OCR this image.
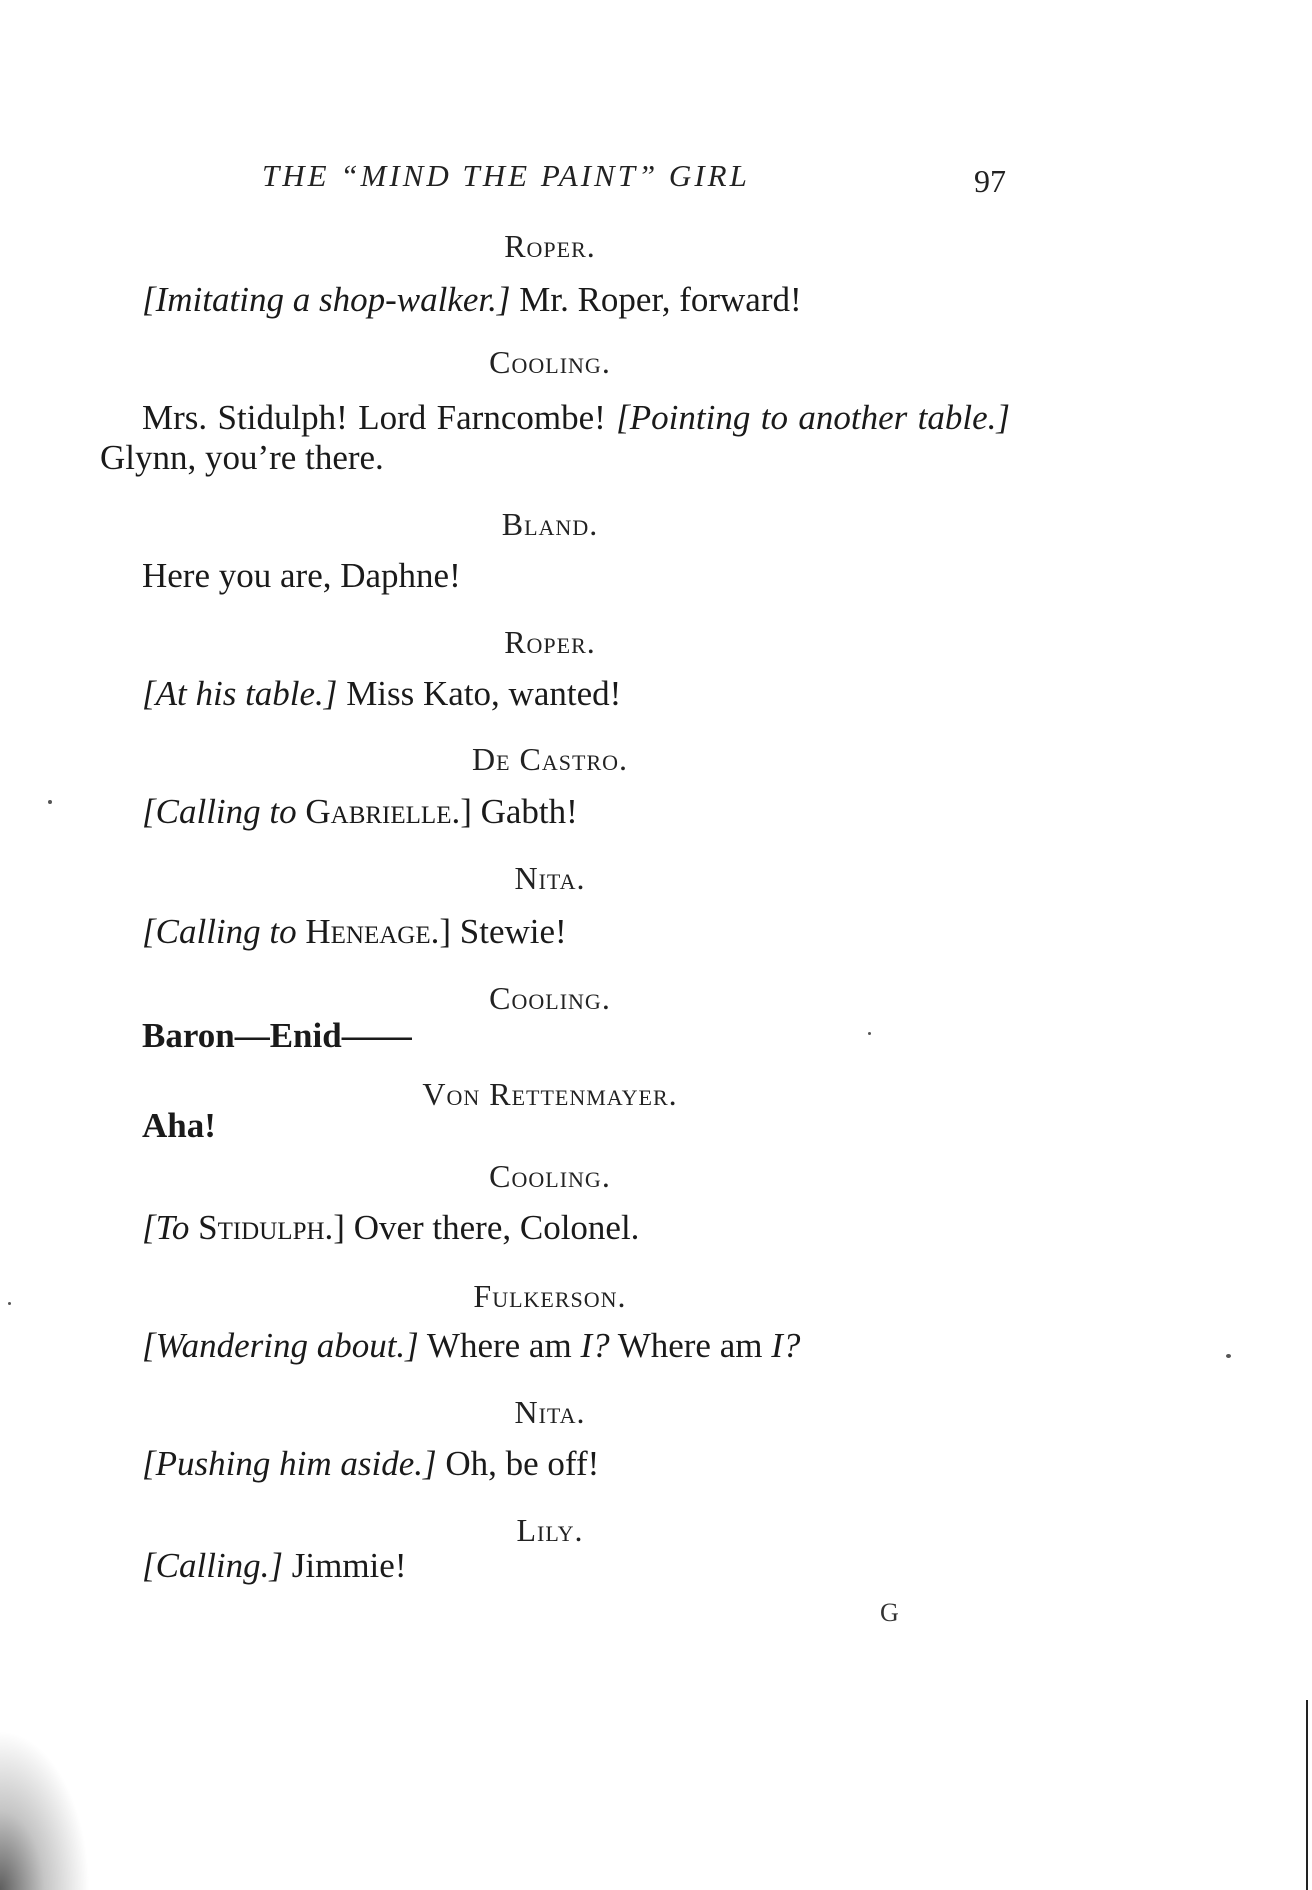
THE “MIND THE PAINT” GIRL	97
Roper.
[Imitating a shop-walker.] Mr. Roper, forward!
Cooling.
Mrs. Stidulph! Lord Farncombe! [Pointing to another table.] Glynn, you’re there.
Bland.
Here you are, Daphne!
Roper.
[At his table.] Miss Kato, wanted!
De Castro.
[Calling to Gabrielle.] Gabth!
Nita.
[Calling to Heneage.] Stewie!
Cooling.
Baron—Enid——
Von Rettenmayer.
Aha!
Cooling.
[To Stidulph.] Over there, Colonel.
Fulkerson.
[Wandering about.] Where am I? Where am I?
Nita.
[Pushing him aside.] Oh, be off!
Lily.
[Calling.] Jimmie!
G
